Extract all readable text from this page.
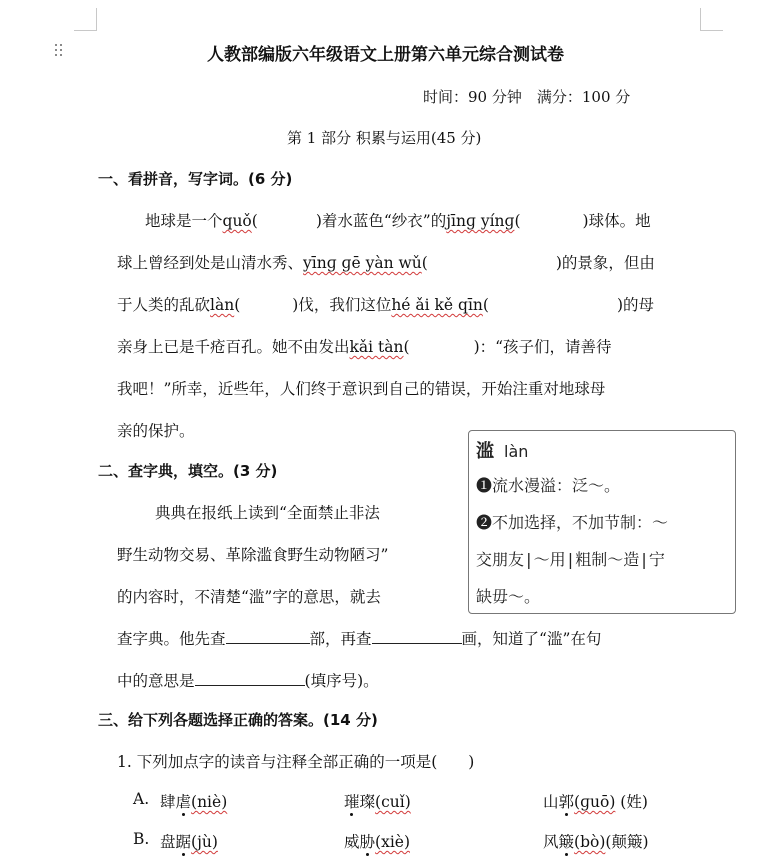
人教部编版六年级语文上册第六单元综合测试卷
时间：90 分钟　满分：100 分
第 1 部分 积累与运用(45 分)
一、看拼音，写字词。(6 分)
地球是一个quǒ(	)着水蓝色“纱衣”的jīnɡ yínɡ(	)球体。地
球上曾经到处是山清水秀、yīnɡ ɡē yàn wǔ(	)的景象，但由
于人类的乱砍làn(	)伐，我们这位hé ǎi kě qīn(	)的母
亲身上已是千疮百孔。她不由发出kǎi tàn(	)：“孩子们，请善待
我吧！”所幸，近些年，人们终于意识到自己的错误，开始注重对地球母
亲的保护。
二、查字典，填空。(3 分)
典典在报纸上读到“全面禁止非法
野生动物交易、革除滥食野生动物陋习”
的内容时，不清楚“滥”字的意思，就去
查字典。他先查	部，再查	画，知道了“滥”在句
中的意思是	(填序号)。
滥 làn
❶流水漫溢：泛～。
❷不加选择，不加节制：～
交朋友|～用|粗制～造|宁
缺毋～。
三、给下列各题选择正确的答案。(14 分)
1. 下列加点字的读音与注释全部正确的一项是(　　)
A. 肆虐(niè)	璀璨(cuǐ)	山郭(ɡuō) (姓)
B. 盘踞(jù)	威胁(xiè)	风簸(bò)(颠簸)
